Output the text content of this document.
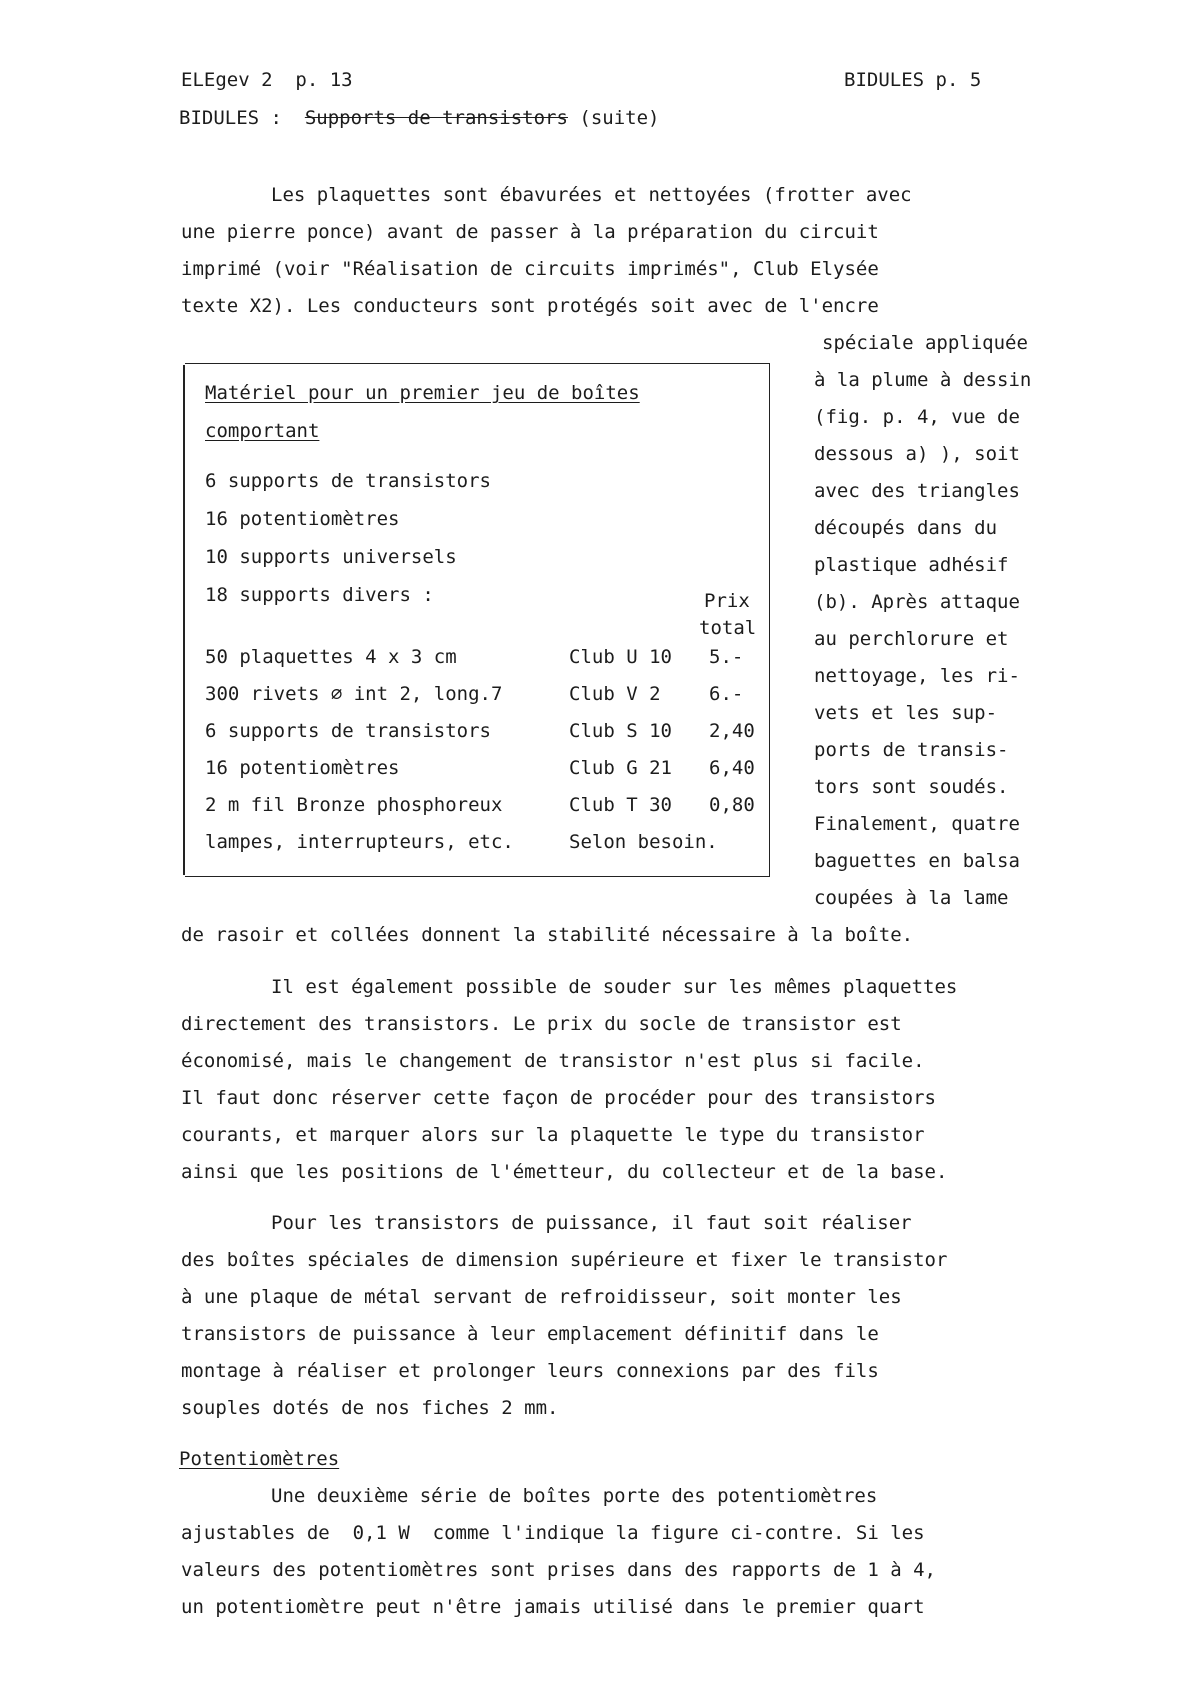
ELEgev 2  p. 13	BIDULES p. 5
BIDULES :  Supports de transistors (suite)
Les plaquettes sont ébavurées et nettoyées (frotter avec
une pierre ponce) avant de passer à la préparation du circuit
imprimé (voir "Réalisation de circuits imprimés", Club Elysée
texte X2). Les conducteurs sont protégés soit avec de l'encre
spéciale appliquée
à la plume à dessin
(fig. p. 4, vue de
dessous a) ), soit
avec des triangles
découpés dans du
plastique adhésif
(b). Après attaque
au perchlorure et
nettoyage, les ri-
vets et les sup-
ports de transis-
tors sont soudés.
Finalement, quatre
baguettes en balsa
coupées à la lame
Matériel pour un premier jeu de boîtes
comportant
6 supports de transistors
16 potentiomètres
10 supports universels
18 supports divers :	Prix
total
50 plaquettes 4 x 3 cm	Club U 10 5.-
300 rivets ∅ int 2, long.7	Club V 2	6.-
6 supports de transistors	Club S 10 2,40
16 potentiomètres	Club G 21 6,40
2 m fil Bronze phosphoreux	Club T 30 0,80
lampes, interrupteurs, etc.	Selon besoin.
de rasoir et collées donnent la stabilité nécessaire à la boîte.
Il est également possible de souder sur les mêmes plaquettes
directement des transistors. Le prix du socle de transistor est
économisé, mais le changement de transistor n'est plus si facile.
Il faut donc réserver cette façon de procéder pour des transistors
courants, et marquer alors sur la plaquette le type du transistor
ainsi que les positions de l'émetteur, du collecteur et de la base.
Pour les transistors de puissance, il faut soit réaliser
des boîtes spéciales de dimension supérieure et fixer le transistor
à une plaque de métal servant de refroidisseur, soit monter les
transistors de puissance à leur emplacement définitif dans le
montage à réaliser et prolonger leurs connexions par des fils
souples dotés de nos fiches 2 mm.
Potentiomètres
Une deuxième série de boîtes porte des potentiomètres
ajustables de  0,1 W  comme l'indique la figure ci-contre. Si les
valeurs des potentiomètres sont prises dans des rapports de 1 à 4,
un potentiomètre peut n'être jamais utilisé dans le premier quart
